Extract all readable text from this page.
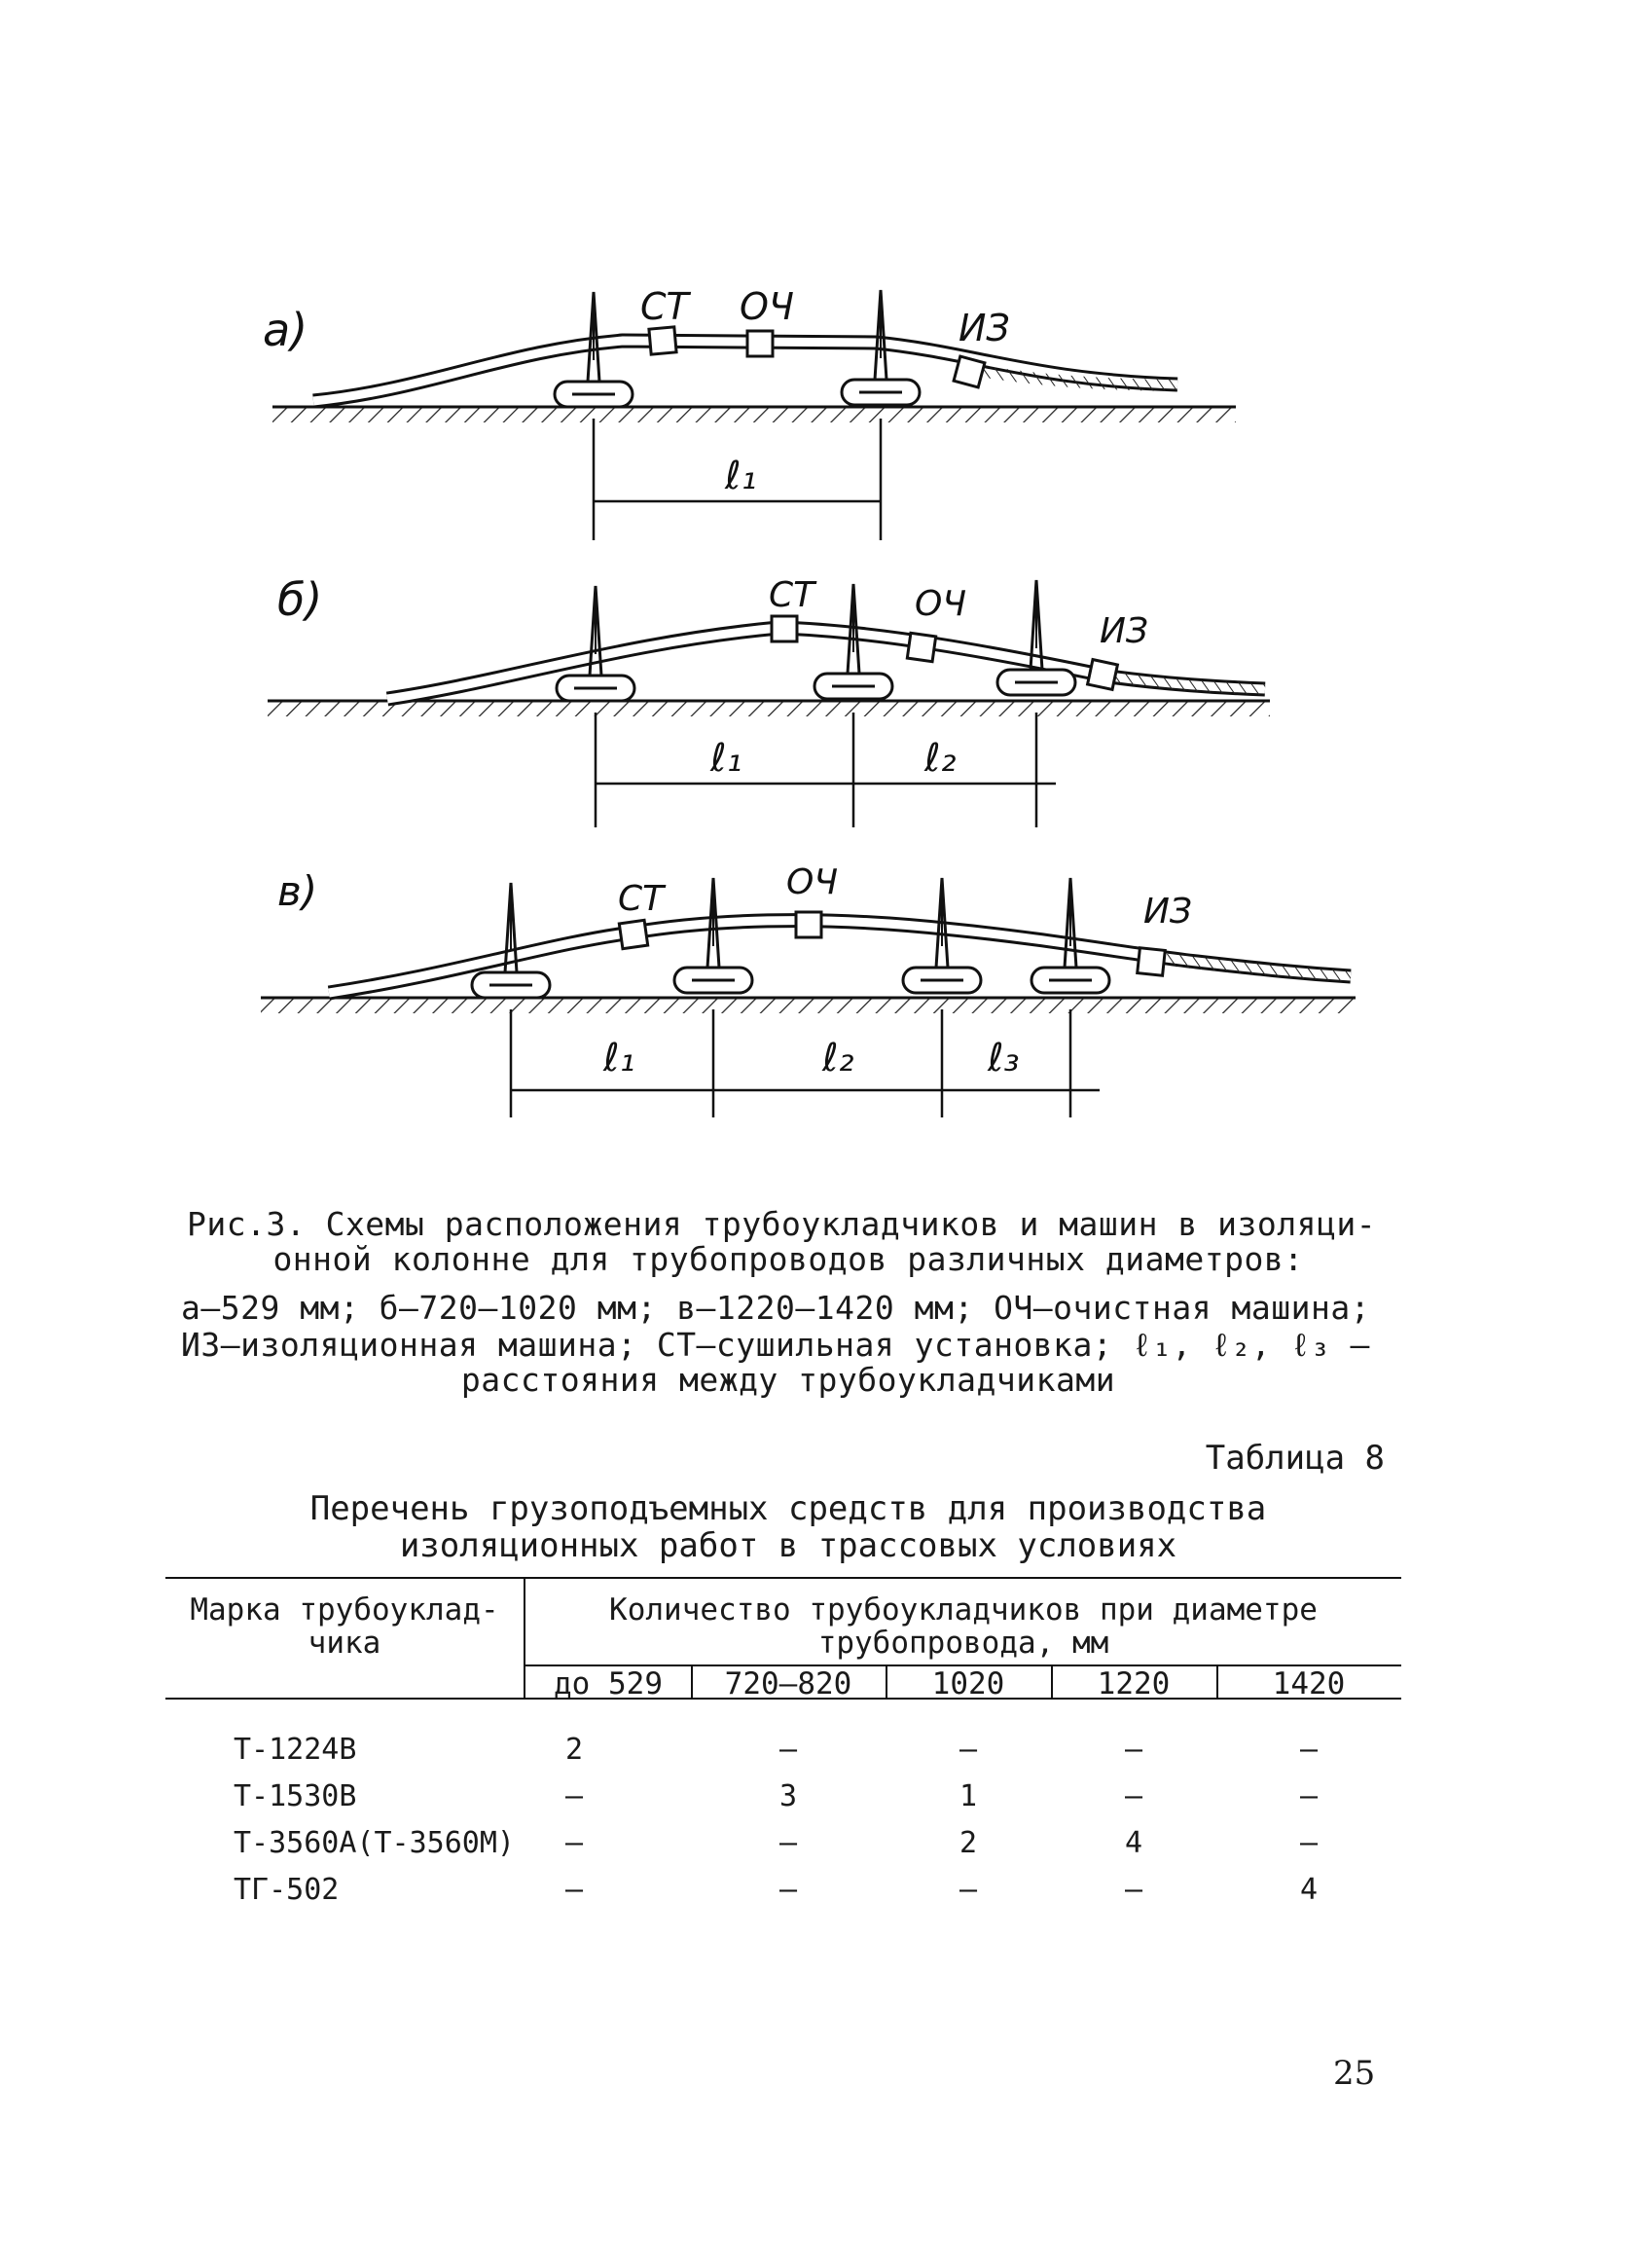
а)	СТ ОЧ	ИЗ
ℓ₁
б)	СТ	ОЧ
ИЗ
ℓ₁	ℓ₂
в)	СТ	ОЧ
ИЗ
ℓ₁	ℓ₂	ℓ₃
Рис.3. Схемы расположения трубоукладчиков и машин в изоляци-
онной колонне для трубопроводов различных диаметров:
а–529 мм; б–720–1020 мм; в–1220–1420 мм; ОЧ–очистная машина;
ИЗ–изоляционная машина; СТ–сушильная установка; ℓ₁, ℓ₂, ℓ₃ –
расстояния между трубоукладчиками
Таблица 8
Перечень грузоподъемных средств для производства
изоляционных работ в трассовых условиях
Марка трубоуклад-
чика
Количество трубоукладчиков при диаметре
трубопровода, мм
до 529	720–820	1020	1220	1420
Т-1224В	2	–	–	–	–
Т-1530В	–	3	1	–	–
Т-3560А(Т-3560М)	–	–	2	4	–
ТГ-502	–	–	–	–	4
25
